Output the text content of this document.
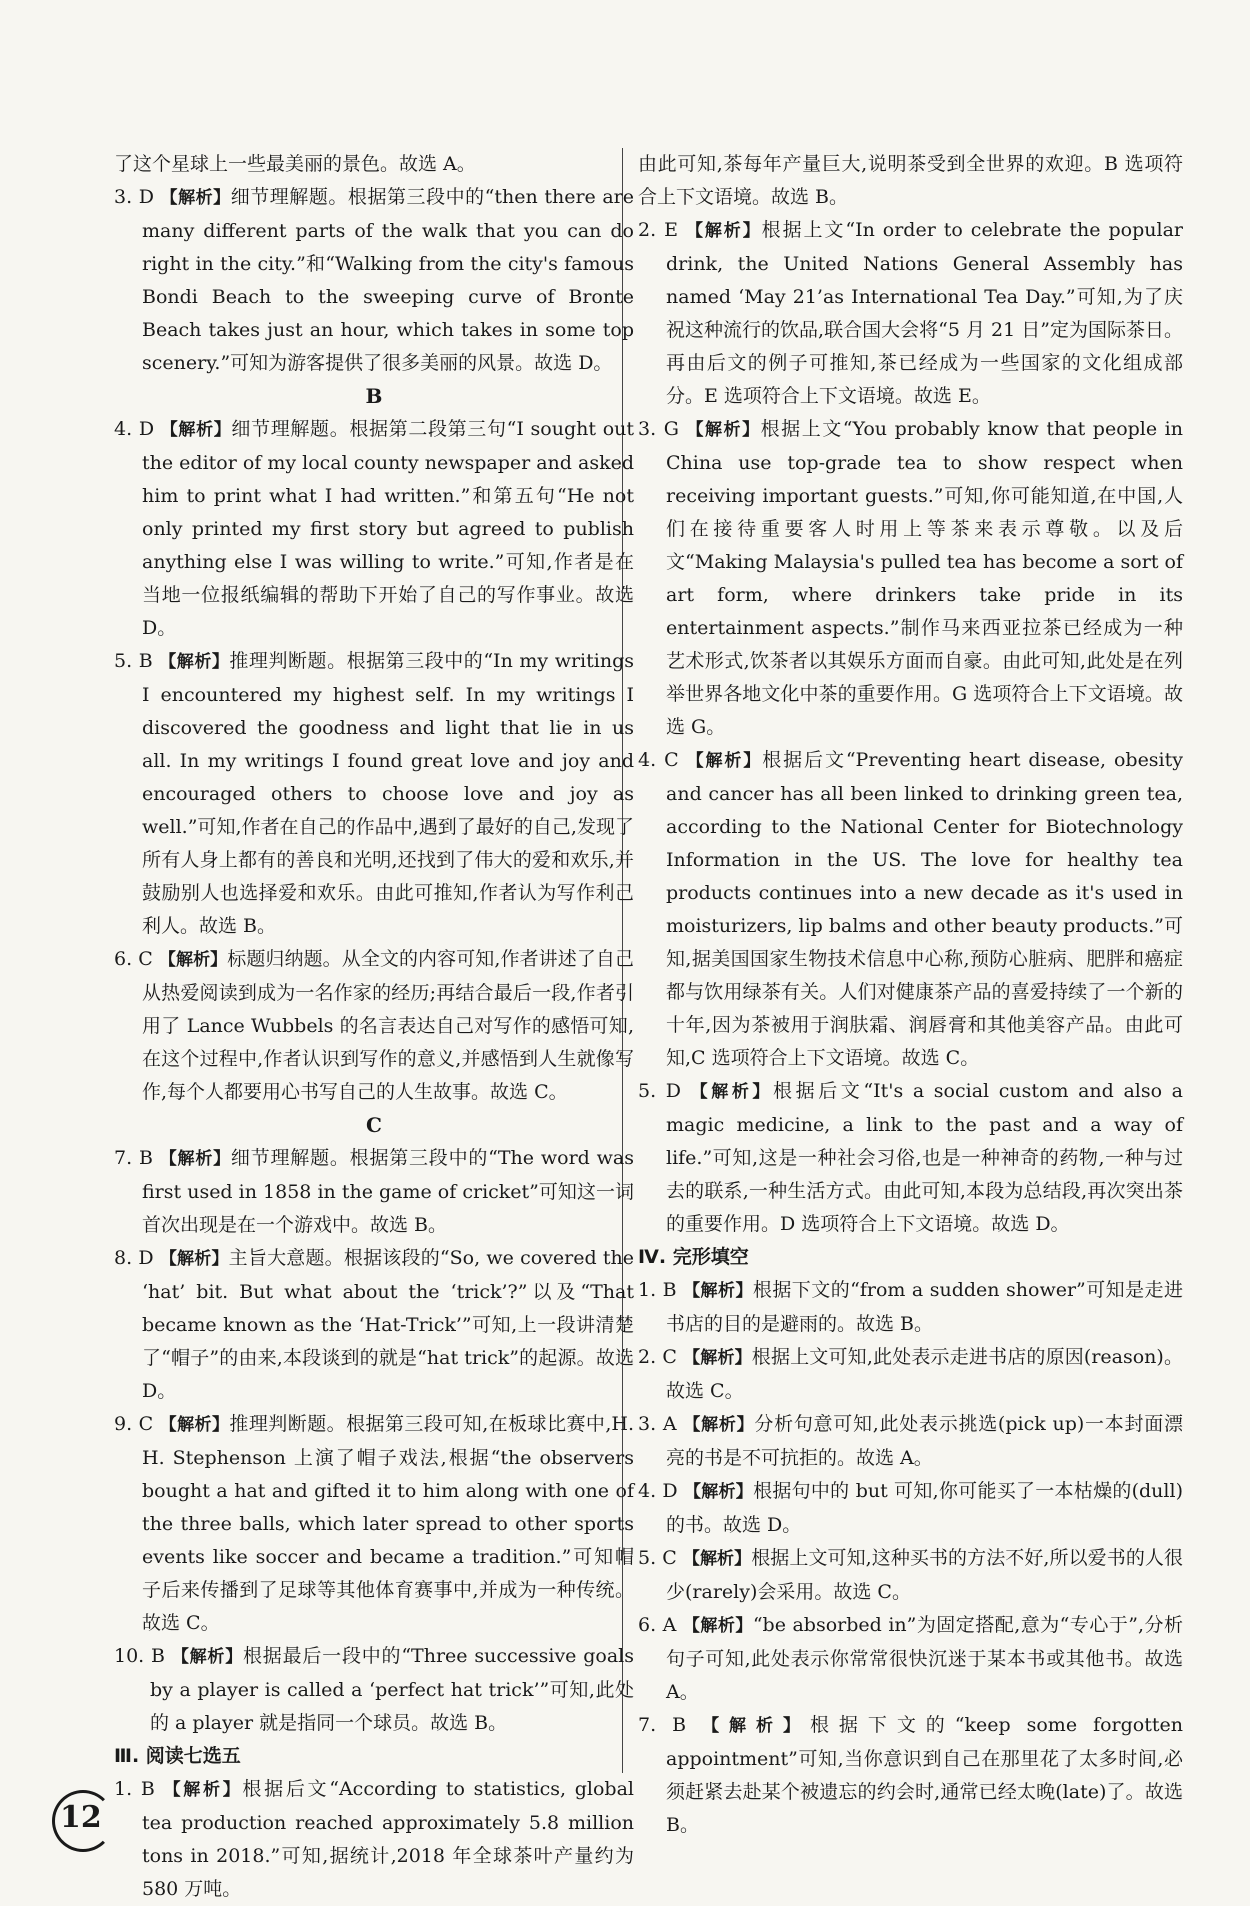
了这个星球上一些最美丽的景色。故选 A。

3. D 【解析】细节理解题。根据第三段中的“then there are many different parts of the walk that you can do right in the city.”和“Walking from the city's famous Bondi Beach to the sweeping curve of Bronte Beach takes just an hour, which takes in some top scenery.”可知为游客提供了很多美丽的风景。故选 D。

B

4. D 【解析】细节理解题。根据第二段第三句“I sought out the editor of my local county newspaper and asked him to print what I had written.”和第五句“He not only printed my first story but agreed to publish anything else I was willing to write.”可知,作者是在当地一位报纸编辑的帮助下开始了自己的写作事业。故选 D。

5. B 【解析】推理判断题。根据第三段中的“In my writings I encountered my highest self. In my writings I discovered the goodness and light that lie in us all. In my writings I found great love and joy and encouraged others to choose love and joy as well.”可知,作者在自己的作品中,遇到了最好的自己,发现了所有人身上都有的善良和光明,还找到了伟大的爱和欢乐,并鼓励别人也选择爱和欢乐。由此可推知,作者认为写作利己利人。故选 B。

6. C 【解析】标题归纳题。从全文的内容可知,作者讲述了自己从热爱阅读到成为一名作家的经历;再结合最后一段,作者引用了 Lance Wubbels 的名言表达自己对写作的感悟可知,在这个过程中,作者认识到写作的意义,并感悟到人生就像写作,每个人都要用心书写自己的人生故事。故选 C。

C

7. B 【解析】细节理解题。根据第三段中的“The word was first used in 1858 in the game of cricket”可知这一词首次出现是在一个游戏中。故选 B。

8. D 【解析】主旨大意题。根据该段的“So, we covered the ‘hat’ bit. But what about the ‘trick’?”以及“That became known as the ‘Hat-Trick’”可知,上一段讲清楚了“帽子”的由来,本段谈到的就是“hat trick”的起源。故选 D。

9. C 【解析】推理判断题。根据第三段可知,在板球比赛中,H. H. Stephenson 上演了帽子戏法,根据“the observers bought a hat and gifted it to him along with one of the three balls, which later spread to other sports events like soccer and became a tradition.”可知帽子后来传播到了足球等其他体育赛事中,并成为一种传统。故选 C。

10. B 【解析】根据最后一段中的“Three successive goals by a player is called a ‘perfect hat trick’”可知,此处的 a player 就是指同一个球员。故选 B。

Ⅲ. 阅读七选五

1. B 【解析】根据后文“According to statistics, global tea production reached approximately 5.8 million tons in 2018.”可知,据统计,2018 年全球茶叶产量约为 580 万吨。

由此可知,茶每年产量巨大,说明茶受到全世界的欢迎。B 选项符合上下文语境。故选 B。

2. E 【解析】根据上文“In order to celebrate the popular drink, the United Nations General Assembly has named ‘May 21’as International Tea Day.”可知,为了庆祝这种流行的饮品,联合国大会将“5 月 21 日”定为国际茶日。再由后文的例子可推知,茶已经成为一些国家的文化组成部分。E 选项符合上下文语境。故选 E。

3. G 【解析】根据上文“You probably know that people in China use top-grade tea to show respect when receiving important guests.”可知,你可能知道,在中国,人们在接待重要客人时用上等茶来表示尊敬。以及后文“Making Malaysia's pulled tea has become a sort of art form, where drinkers take pride in its entertainment aspects.”制作马来西亚拉茶已经成为一种艺术形式,饮茶者以其娱乐方面而自豪。由此可知,此处是在列举世界各地文化中茶的重要作用。G 选项符合上下文语境。故选 G。

4. C 【解析】根据后文“Preventing heart disease, obesity and cancer has all been linked to drinking green tea, according to the National Center for Biotechnology Information in the US. The love for healthy tea products continues into a new decade as it's used in moisturizers, lip balms and other beauty products.”可知,据美国国家生物技术信息中心称,预防心脏病、肥胖和癌症都与饮用绿茶有关。人们对健康茶产品的喜爱持续了一个新的十年,因为茶被用于润肤霜、润唇膏和其他美容产品。由此可知,C 选项符合上下文语境。故选 C。

5. D 【解析】根据后文“It's a social custom and also a magic medicine, a link to the past and a way of life.”可知,这是一种社会习俗,也是一种神奇的药物,一种与过去的联系,一种生活方式。由此可知,本段为总结段,再次突出茶的重要作用。D 选项符合上下文语境。故选 D。

Ⅳ. 完形填空

1. B 【解析】根据下文的“from a sudden shower”可知是走进书店的目的是避雨的。故选 B。

2. C 【解析】根据上文可知,此处表示走进书店的原因(reason)。故选 C。

3. A 【解析】分析句意可知,此处表示挑选(pick up)一本封面漂亮的书是不可抗拒的。故选 A。

4. D 【解析】根据句中的 but 可知,你可能买了一本枯燥的(dull)的书。故选 D。

5. C 【解析】根据上文可知,这种买书的方法不好,所以爱书的人很少(rarely)会采用。故选 C。

6. A 【解析】“be absorbed in”为固定搭配,意为“专心于”,分析句子可知,此处表示你常常很快沉迷于某本书或其他书。故选 A。

7. B 【解析】根据下文的“keep some forgotten appointment”可知,当你意识到自己在那里花了太多时间,必须赶紧去赴某个被遗忘的约会时,通常已经太晚(late)了。故选 B。

12
